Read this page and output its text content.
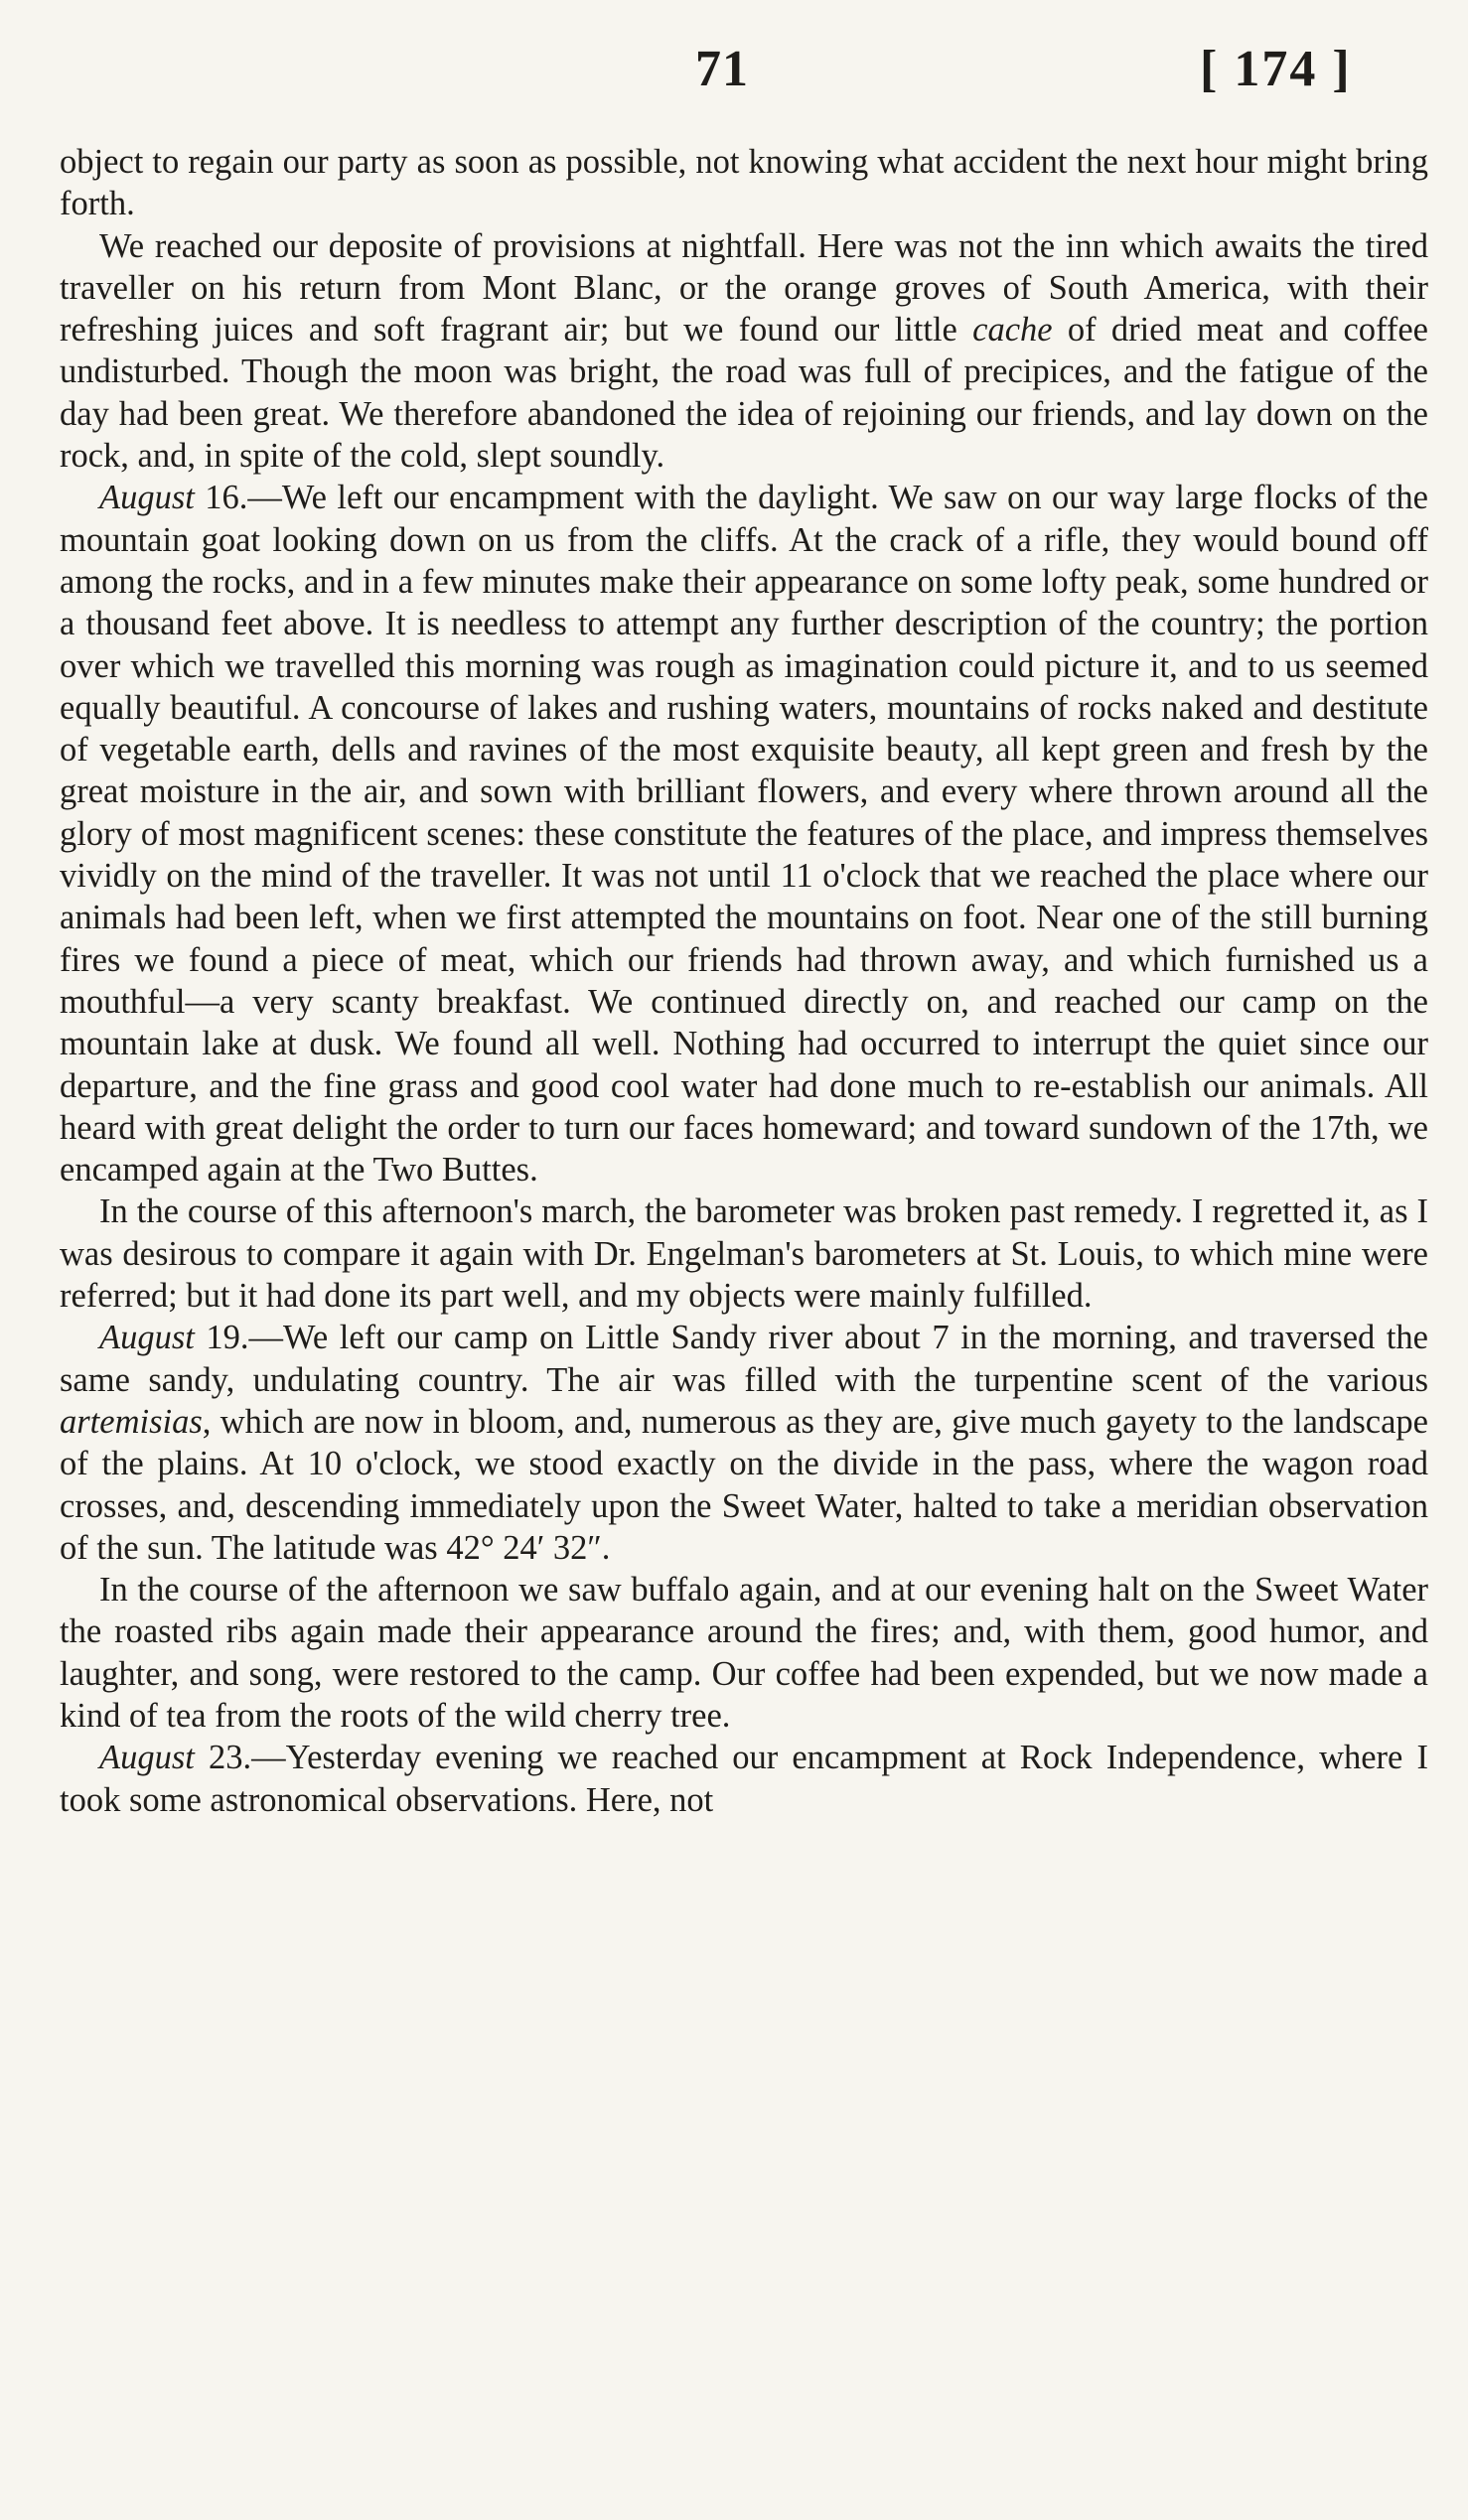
71	[ 174 ]

object to regain our party as soon as possible, not knowing what accident the next hour might bring forth.

We reached our deposite of provisions at nightfall. Here was not the inn which awaits the tired traveller on his return from Mont Blanc, or the orange groves of South America, with their refreshing juices and soft fragrant air; but we found our little cache of dried meat and coffee undisturbed. Though the moon was bright, the road was full of precipices, and the fatigue of the day had been great. We therefore abandoned the idea of rejoining our friends, and lay down on the rock, and, in spite of the cold, slept soundly.

August 16.—We left our encampment with the daylight. We saw on our way large flocks of the mountain goat looking down on us from the cliffs. At the crack of a rifle, they would bound off among the rocks, and in a few minutes make their appearance on some lofty peak, some hundred or a thousand feet above. It is needless to attempt any further description of the country; the portion over which we travelled this morning was rough as imagination could picture it, and to us seemed equally beautiful. A concourse of lakes and rushing waters, mountains of rocks naked and destitute of vegetable earth, dells and ravines of the most exquisite beauty, all kept green and fresh by the great moisture in the air, and sown with brilliant flowers, and every where thrown around all the glory of most magnificent scenes: these constitute the features of the place, and impress themselves vividly on the mind of the traveller. It was not until 11 o'clock that we reached the place where our animals had been left, when we first attempted the mountains on foot. Near one of the still burning fires we found a piece of meat, which our friends had thrown away, and which furnished us a mouthful—a very scanty breakfast. We continued directly on, and reached our camp on the mountain lake at dusk. We found all well. Nothing had occurred to interrupt the quiet since our departure, and the fine grass and good cool water had done much to re-establish our animals. All heard with great delight the order to turn our faces homeward; and toward sundown of the 17th, we encamped again at the Two Buttes.

In the course of this afternoon's march, the barometer was broken past remedy. I regretted it, as I was desirous to compare it again with Dr. Engelman's barometers at St. Louis, to which mine were referred; but it had done its part well, and my objects were mainly fulfilled.

August 19.—We left our camp on Little Sandy river about 7 in the morning, and traversed the same sandy, undulating country. The air was filled with the turpentine scent of the various artemisias, which are now in bloom, and, numerous as they are, give much gayety to the landscape of the plains. At 10 o'clock, we stood exactly on the divide in the pass, where the wagon road crosses, and, descending immediately upon the Sweet Water, halted to take a meridian observation of the sun. The latitude was 42° 24′ 32″.

In the course of the afternoon we saw buffalo again, and at our evening halt on the Sweet Water the roasted ribs again made their appearance around the fires; and, with them, good humor, and laughter, and song, were restored to the camp. Our coffee had been expended, but we now made a kind of tea from the roots of the wild cherry tree.

August 23.—Yesterday evening we reached our encampment at Rock Independence, where I took some astronomical observations. Here, not
